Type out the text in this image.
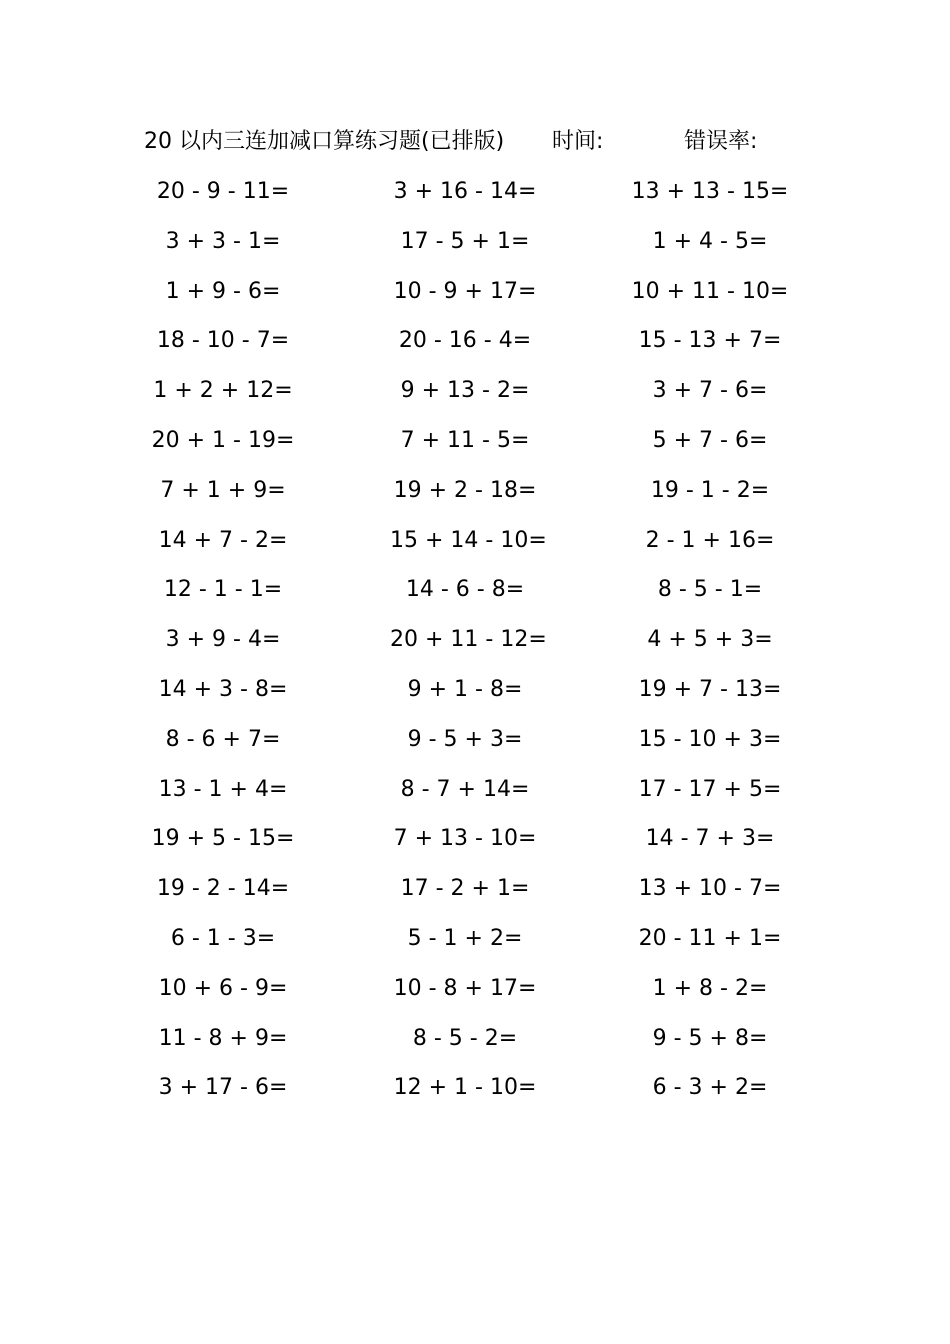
20 以内三连加减口算练习题(已排版) 时间:	错误率:
20 - 9 - 11=	3 + 16 - 14=	13 + 13 - 15=
3 + 3 - 1=	17 - 5 + 1=	1 + 4 - 5=
1 + 9 - 6=	10 - 9 + 17=	10 + 11 - 10=
18 - 10 - 7=	20 - 16 - 4=	15 - 13 + 7=
1 + 2 + 12=	9 + 13 - 2=	3 + 7 - 6=
20 + 1 - 19=	7 + 11 - 5=	5 + 7 - 6=
7 + 1 + 9=	19 + 2 - 18=	19 - 1 - 2=
14 + 7 - 2=	15 + 14 - 10=	2 - 1 + 16=
12 - 1 - 1=	14 - 6 - 8=	8 - 5 - 1=
3 + 9 - 4=	20 + 11 - 12=	4 + 5 + 3=
14 + 3 - 8=	9 + 1 - 8=	19 + 7 - 13=
8 - 6 + 7=	9 - 5 + 3=	15 - 10 + 3=
13 - 1 + 4=	8 - 7 + 14=	17 - 17 + 5=
19 + 5 - 15=	7 + 13 - 10=	14 - 7 + 3=
19 - 2 - 14=	17 - 2 + 1=	13 + 10 - 7=
6 - 1 - 3=	5 - 1 + 2=	20 - 11 + 1=
10 + 6 - 9=	10 - 8 + 17=	1 + 8 - 2=
11 - 8 + 9=	8 - 5 - 2=	9 - 5 + 8=
3 + 17 - 6=	12 + 1 - 10=	6 - 3 + 2=
